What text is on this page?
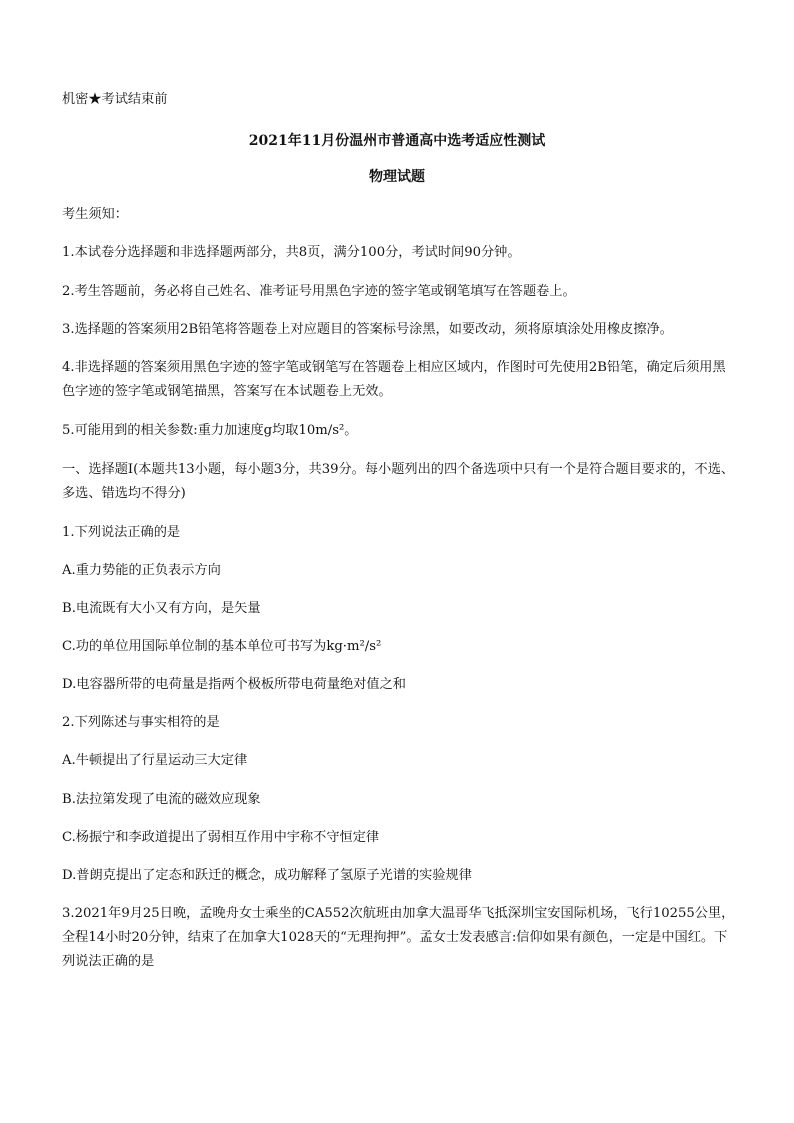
机密★考试结束前
2021年11月份温州市普通高中选考适应性测试
物理试题
考生须知：
1.本试卷分选择题和非选择题两部分，共8页，满分100分，考试时间90分钟。
2.考生答题前，务必将自己姓名、准考证号用黑色字迹的签字笔或钢笔填写在答题卷上。
3.选择题的答案须用2B铅笔将答题卷上对应题目的答案标号涂黑，如要改动，须将原填涂处用橡皮擦净。
4.非选择题的答案须用黑色字迹的签字笔或钢笔写在答题卷上相应区域内，作图时可先使用2B铅笔，确定后须用黑色字迹的签字笔或钢笔描黑，答案写在本试题卷上无效。
5.可能用到的相关参数:重力加速度g均取10m/s²。
一、选择题Ⅰ(本题共13小题，每小题3分，共39分。每小题列出的四个备选项中只有一个是符合题目要求的，不选、多选、错选均不得分)
1.下列说法正确的是
A.重力势能的正负表示方向
B.电流既有大小又有方向，是矢量
C.功的单位用国际单位制的基本单位可书写为kg·m²/s²
D.电容器所带的电荷量是指两个极板所带电荷量绝对值之和
2.下列陈述与事实相符的是
A.牛顿提出了行星运动三大定律
B.法拉第发现了电流的磁效应现象
C.杨振宁和李政道提出了弱相互作用中宇称不守恒定律
D.普朗克提出了定态和跃迁的概念，成功解释了氢原子光谱的实验规律
3.2021年9月25日晚，孟晚舟女士乘坐的CA552次航班由加拿大温哥华飞抵深圳宝安国际机场，飞行10255公里，全程14小时20分钟，结束了在加拿大1028天的“无理拘押”。孟女士发表感言:信仰如果有颜色，一定是中国红。下列说法正确的是
